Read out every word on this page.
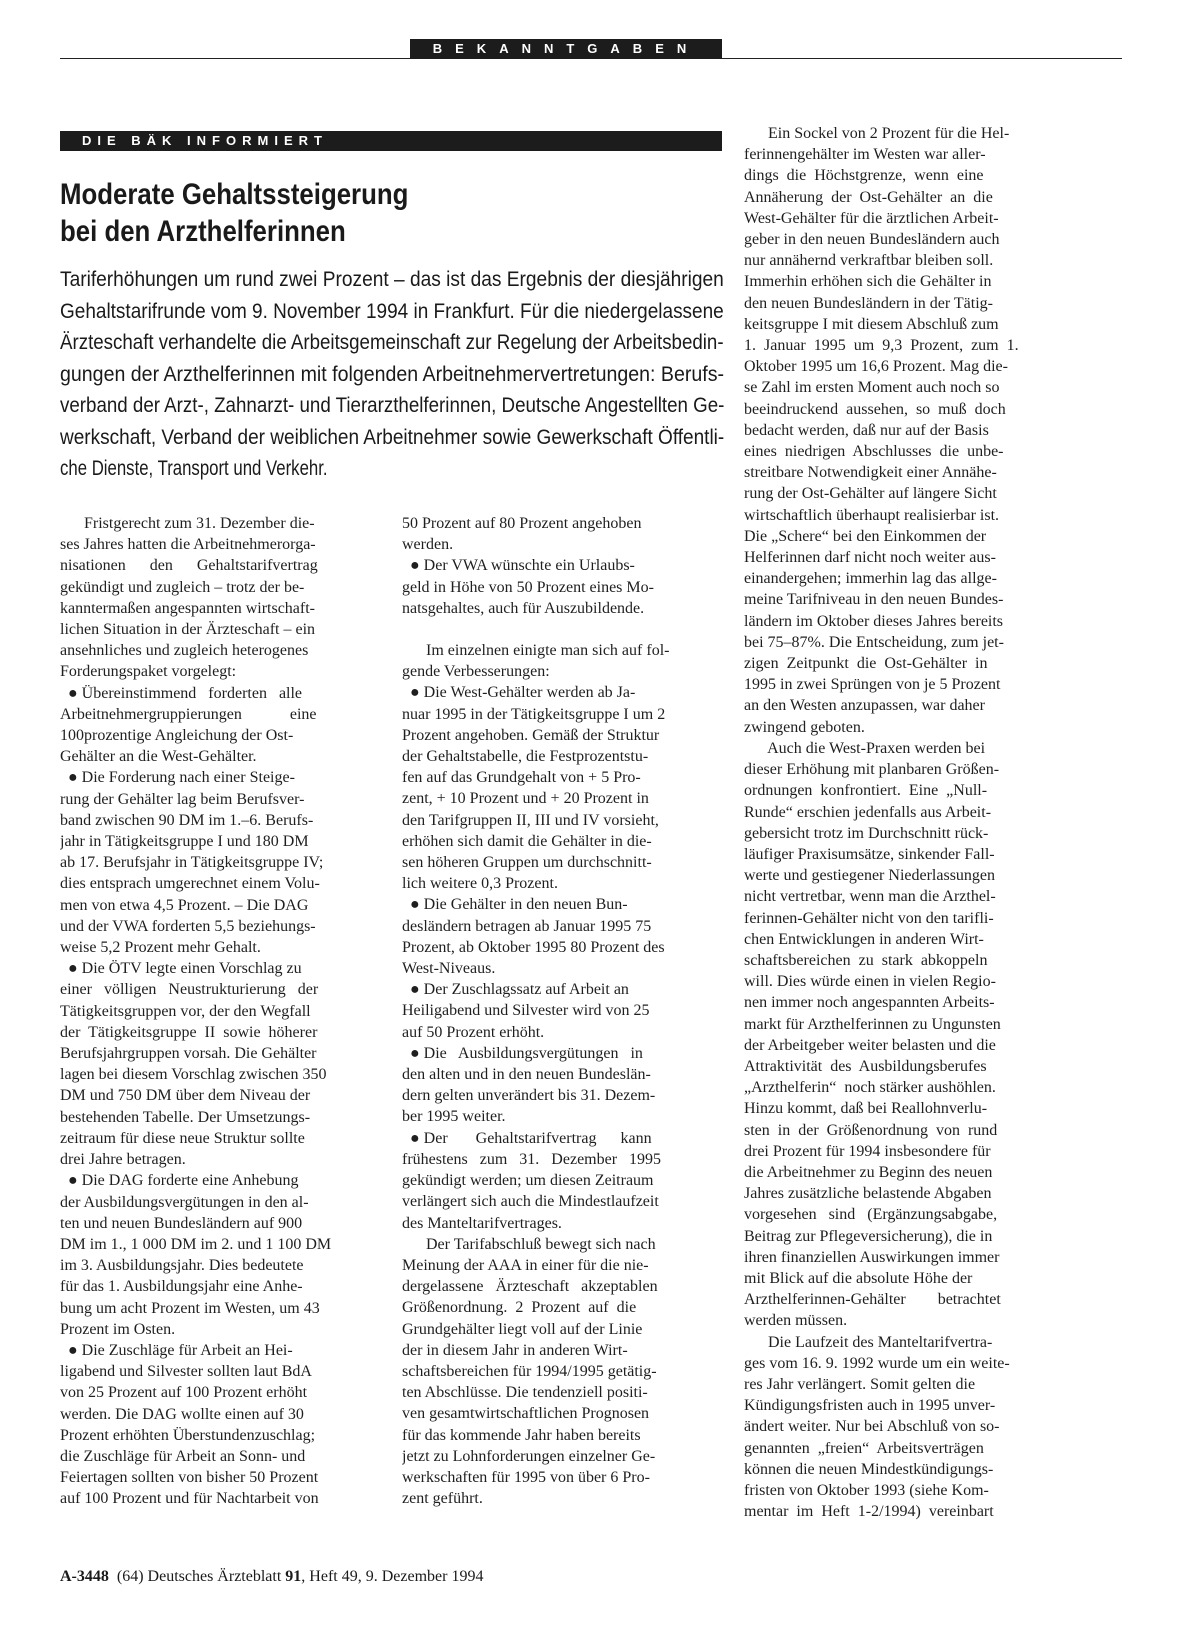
BEKANNTGABEN
DIE BÄK INFORMIERT
Moderate Gehaltssteigerung
bei den Arzthelferinnen
Tariferhöhungen um rund zwei Prozent – das ist das Ergebnis der diesjährigen
Gehaltstarifrunde vom 9. November 1994 in Frankfurt. Für die niedergelassene
Ärzteschaft verhandelte die Arbeitsgemeinschaft zur Regelung der Arbeitsbedin-
gungen der Arzthelferinnen mit folgenden Arbeitnehmervertretungen: Berufs-
verband der Arzt-, Zahnarzt- und Tierarzthelferinnen, Deutsche Angestellten Ge-
werkschaft, Verband der weiblichen Arbeitnehmer sowie Gewerkschaft Öffentli-
che Dienste, Transport und Verkehr.
Fristgerecht zum 31. Dezember die-
ses Jahres hatten die Arbeitnehmerorga-
nisationen      den      Gehaltstarifvertrag
gekündigt und zugleich – trotz der be-
kanntermaßen angespannten wirtschaft-
lichen Situation in der Ärzteschaft – ein
ansehnliches und zugleich heterogenes
Forderungspaket vorgelegt:
● Übereinstimmend   forderten   alle
Arbeitnehmergruppierungen            eine
100prozentige Angleichung der Ost-
Gehälter an die West-Gehälter.
● Die Forderung nach einer Steige-
rung der Gehälter lag beim Berufsver-
band zwischen 90 DM im 1.–6. Berufs-
jahr in Tätigkeitsgruppe I und 180 DM
ab 17. Berufsjahr in Tätigkeitsgruppe IV;
dies entsprach umgerechnet einem Volu-
men von etwa 4,5 Prozent. – Die DAG
und der VWA forderten 5,5 beziehungs-
weise 5,2 Prozent mehr Gehalt.
● Die ÖTV legte einen Vorschlag zu
einer   völligen   Neustrukturierung   der
Tätigkeitsgruppen vor, der den Wegfall
der  Tätigkeitsgruppe  II  sowie  höherer
Berufsjahrgruppen vorsah. Die Gehälter
lagen bei diesem Vorschlag zwischen 350
DM und 750 DM über dem Niveau der
bestehenden Tabelle. Der Umsetzungs-
zeitraum für diese neue Struktur sollte
drei Jahre betragen.
● Die DAG forderte eine Anhebung
der Ausbildungsvergütungen in den al-
ten und neuen Bundesländern auf 900
DM im 1., 1 000 DM im 2. und 1 100 DM
im 3. Ausbildungsjahr. Dies bedeutete
für das 1. Ausbildungsjahr eine Anhe-
bung um acht Prozent im Westen, um 43
Prozent im Osten.
● Die Zuschläge für Arbeit an Hei-
ligabend und Silvester sollten laut BdA
von 25 Prozent auf 100 Prozent erhöht
werden. Die DAG wollte einen auf 30
Prozent erhöhten Überstundenzuschlag;
die Zuschläge für Arbeit an Sonn- und
Feiertagen sollten von bisher 50 Prozent
auf 100 Prozent und für Nachtarbeit von
50 Prozent auf 80 Prozent angehoben
werden.
● Der VWA wünschte ein Urlaubs-
geld in Höhe von 50 Prozent eines Mo-
natsgehaltes, auch für Auszubildende.
Im einzelnen einigte man sich auf fol-
gende Verbesserungen:
● Die West-Gehälter werden ab Ja-
nuar 1995 in der Tätigkeitsgruppe I um 2
Prozent angehoben. Gemäß der Struktur
der Gehaltstabelle, die Festprozentstu-
fen auf das Grundgehalt von + 5 Pro-
zent, + 10 Prozent und + 20 Prozent in
den Tarifgruppen II, III und IV vorsieht,
erhöhen sich damit die Gehälter in die-
sen höheren Gruppen um durchschnitt-
lich weitere 0,3 Prozent.
● Die Gehälter in den neuen Bun-
desländern betragen ab Januar 1995 75
Prozent, ab Oktober 1995 80 Prozent des
West-Niveaus.
● Der Zuschlagssatz auf Arbeit an
Heiligabend und Silvester wird von 25
auf 50 Prozent erhöht.
● Die   Ausbildungsvergütungen   in
den alten und in den neuen Bundeslän-
dern gelten unverändert bis 31. Dezem-
ber 1995 weiter.
● Der       Gehaltstarifvertrag      kann
frühestens   zum   31.   Dezember   1995
gekündigt werden; um diesen Zeitraum
verlängert sich auch die Mindestlaufzeit
des Manteltarifvertrages.
Der Tarifabschluß bewegt sich nach
Meinung der AAA in einer für die nie-
dergelassene   Ärzteschaft   akzeptablen
Größenordnung.  2  Prozent  auf  die
Grundgehälter liegt voll auf der Linie
der in diesem Jahr in anderen Wirt-
schaftsbereichen für 1994/1995 getätig-
ten Abschlüsse. Die tendenziell positi-
ven gesamtwirtschaftlichen Prognosen
für das kommende Jahr haben bereits
jetzt zu Lohnforderungen einzelner Ge-
werkschaften für 1995 von über 6 Pro-
zent geführt.
Ein Sockel von 2 Prozent für die Hel-
ferinnengehälter im Westen war aller-
dings  die  Höchstgrenze,  wenn  eine
Annäherung  der  Ost-Gehälter  an  die
West-Gehälter für die ärztlichen Arbeit-
geber in den neuen Bundesländern auch
nur annähernd verkraftbar bleiben soll.
Immerhin erhöhen sich die Gehälter in
den neuen Bundesländern in der Tätig-
keitsgruppe I mit diesem Abschluß zum
1.  Januar  1995  um  9,3  Prozent,  zum  1.
Oktober 1995 um 16,6 Prozent. Mag die-
se Zahl im ersten Moment auch noch so
beeindruckend  aussehen,  so  muß  doch
bedacht werden, daß nur auf der Basis
eines  niedrigen  Abschlusses  die  unbe-
streitbare Notwendigkeit einer Annähe-
rung der Ost-Gehälter auf längere Sicht
wirtschaftlich überhaupt realisierbar ist.
Die „Schere“ bei den Einkommen der
Helferinnen darf nicht noch weiter aus-
einandergehen; immerhin lag das allge-
meine Tarifniveau in den neuen Bundes-
ländern im Oktober dieses Jahres bereits
bei 75–87%. Die Entscheidung, zum jet-
zigen  Zeitpunkt  die  Ost-Gehälter  in
1995 in zwei Sprüngen von je 5 Prozent
an den Westen anzupassen, war daher
zwingend geboten.
Auch die West-Praxen werden bei
dieser Erhöhung mit planbaren Größen-
ordnungen  konfrontiert.  Eine  „Null-
Runde“ erschien jedenfalls aus Arbeit-
gebersicht trotz im Durchschnitt rück-
läufiger Praxisumsätze, sinkender Fall-
werte und gestiegener Niederlassungen
nicht vertretbar, wenn man die Arzthel-
ferinnen-Gehälter nicht von den tarifli-
chen Entwicklungen in anderen Wirt-
schaftsbereichen  zu  stark  abkoppeln
will. Dies würde einen in vielen Regio-
nen immer noch angespannten Arbeits-
markt für Arzthelferinnen zu Ungunsten
der Arbeitgeber weiter belasten und die
Attraktivität  des  Ausbildungsberufes
„Arzthelferin“  noch stärker aushöhlen.
Hinzu kommt, daß bei Reallohnverlu-
sten  in  der  Größenordnung  von  rund
drei Prozent für 1994 insbesondere für
die Arbeitnehmer zu Beginn des neuen
Jahres zusätzliche belastende Abgaben
vorgesehen   sind   (Ergänzungsabgabe,
Beitrag zur Pflegeversicherung), die in
ihren finanziellen Auswirkungen immer
mit Blick auf die absolute Höhe der
Arzthelferinnen-Gehälter        betrachtet
werden müssen.
Die Laufzeit des Manteltarifvertra-
ges vom 16. 9. 1992 wurde um ein weite-
res Jahr verlängert. Somit gelten die
Kündigungsfristen auch in 1995 unver-
ändert weiter. Nur bei Abschluß von so-
genannten  „freien“  Arbeitsverträgen
können die neuen Mindestkündigungs-
fristen von Oktober 1993 (siehe Kom-
mentar  im  Heft  1-2/1994)  vereinbart
A-3448  (64) Deutsches Ärzteblatt 91, Heft 49, 9. Dezember 1994
